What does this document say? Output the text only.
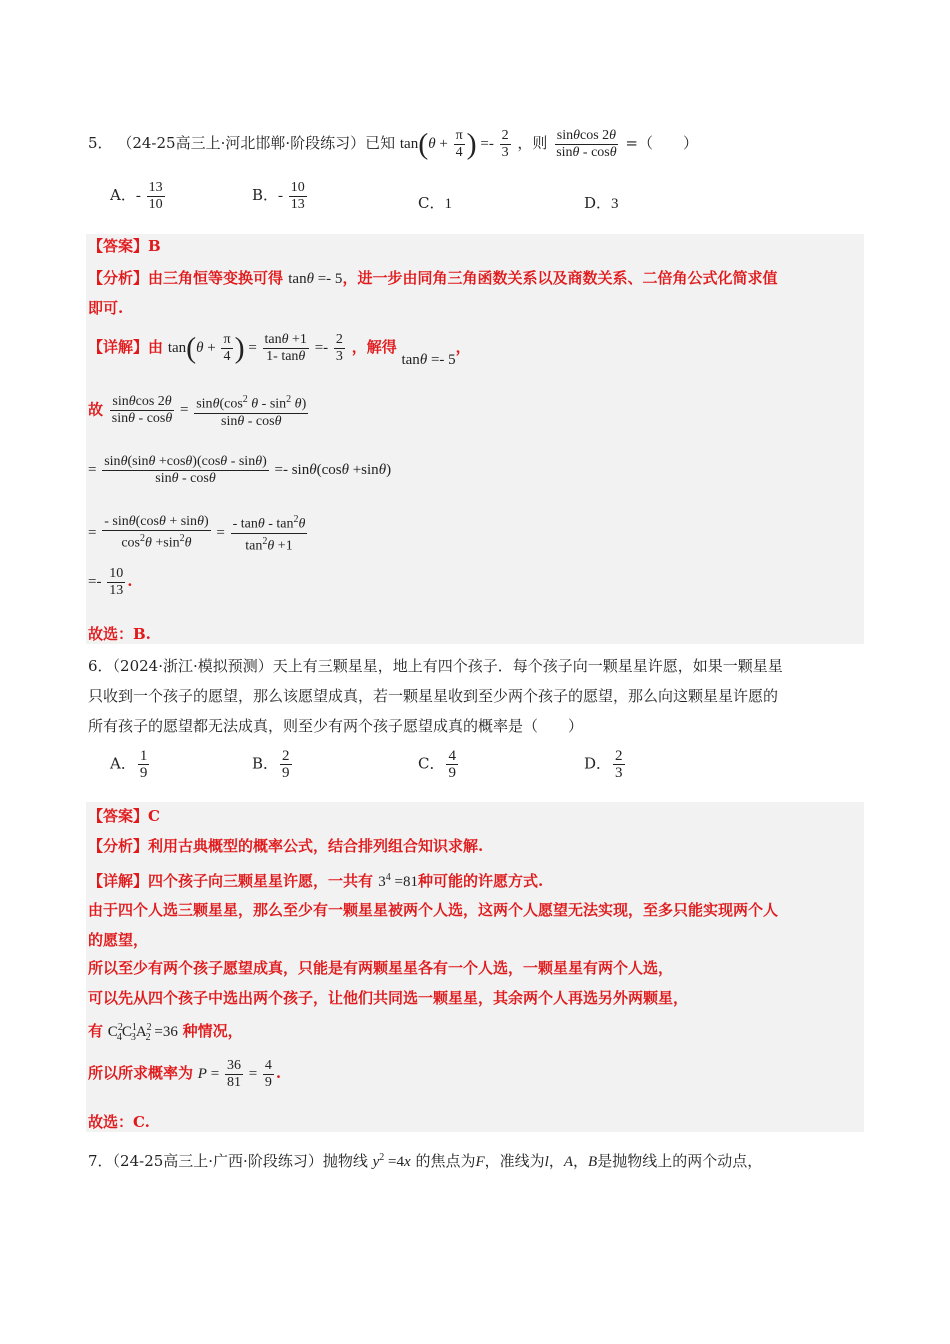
5． （24-25高三上·河北邯郸·阶段练习）已知 $\tan(\theta + \frac{\pi}{4}$ ) =- $\frac{2}{3}$ ，则 $\frac{\sin\theta\cos 2\theta}{\sin\theta - \cos\theta}$ =（　　）
A．- $\frac{13}{10}$	B．- $\frac{10}{13}$	C．1	D．3
【答案】B
【分析】由三角恒等变换可得 tanθ =- 5，进一步由同角三角函数关系以及商数关系、二倍角公式化简求值
即可.
【详解】由 $\tan(\theta + \frac{\pi}{4}$ ) = $\frac{\tan\theta +1}{1- \tan\theta} =- \frac{2}{3}$ ，解得 tanθ =- 5，
故 $\frac{\sin\theta\cos 2\theta}{\sin\theta - \cos\theta} = \frac{\sin\theta(\cos^2 \theta - \sin^2 \theta)}{\sin\theta - \cos\theta}$
= $\frac{\sin\theta(\sin\theta +\cos\theta)(\cos\theta - \sin\theta)}{\sin\theta - \cos\theta} =- \sin\theta(\cos\theta +\sin\theta)$
= $\frac{- \sin\theta(\cos\theta + \sin\theta)}{\cos^2\theta +\sin^2\theta} = \frac{- \tan\theta - \tan^2\theta}{\tan^2\theta +1}$
=- $\frac{10}{13}$ .
故选：B.
6．（2024·浙江·模拟预测）天上有三颗星星，地上有四个孩子．每个孩子向一颗星星许愿，如果一颗星星
只收到一个孩子的愿望，那么该愿望成真，若一颗星星收到至少两个孩子的愿望，那么向这颗星星许愿的
所有孩子的愿望都无法成真，则至少有两个孩子愿望成真的概率是（　　）
A． $\frac{1}{9}$	B． $\frac{2}{9}$	C． $\frac{4}{9}$	D． $\frac{2}{3}$
【答案】C
【分析】利用古典概型的概率公式，结合排列组合知识求解.
【详解】四个孩子向三颗星星许愿，一共有 $3^4 =81$种可能的许愿方式.
由于四个人选三颗星星，那么至少有一颗星星被两个人选，这两个人愿望无法实现，至多只能实现两个人
的愿望，
所以至少有两个孩子愿望成真，只能是有两颗星星各有一个人选，一颗星星有两个人选，
可以先从四个孩子中选出两个孩子，让他们共同选一颗星星，其余两个人再选另外两颗星，
有 $C^2_4C^1_3A^2_2 =36$ 种情况，
所以所求概率为 $P = \frac{36}{81} = \frac{4}{9}$ .
故选：C.
7．（24-25高三上·广西·阶段练习）抛物线 $y^2 =4x$ 的焦点为F，准线为l，A，B是抛物线上的两个动点，
